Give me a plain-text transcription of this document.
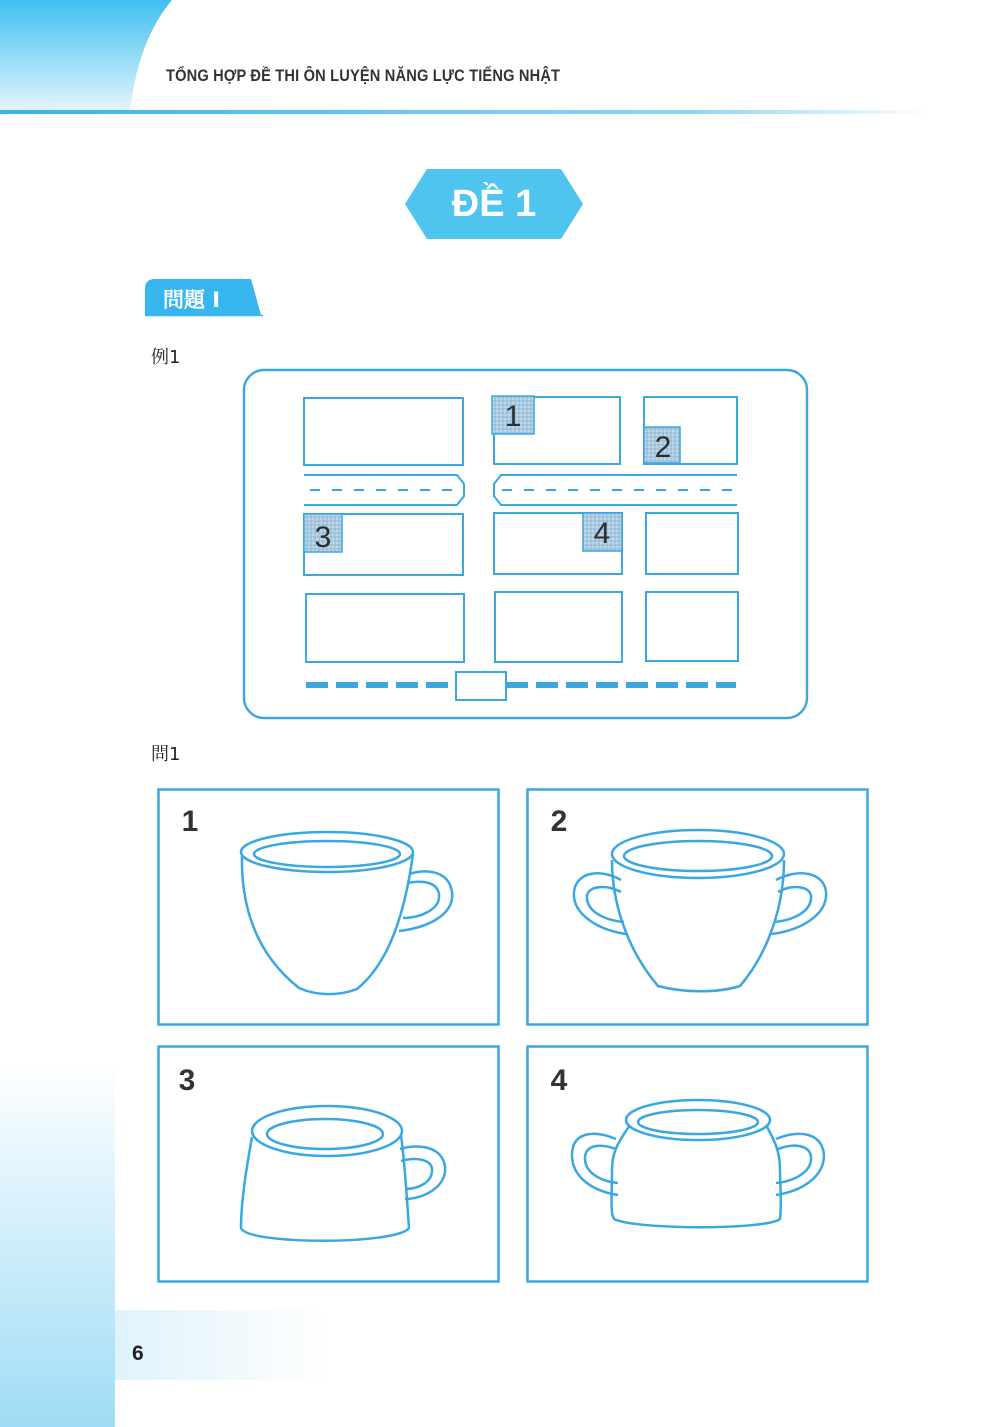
TỔNG HỢP ĐỀ THI ÔN LUYỆN NĂNG LỰC TIẾNG NHẬT
ĐỀ 1
問題 I
例1
1
2
3	4
問1
1	2
3	4
6
